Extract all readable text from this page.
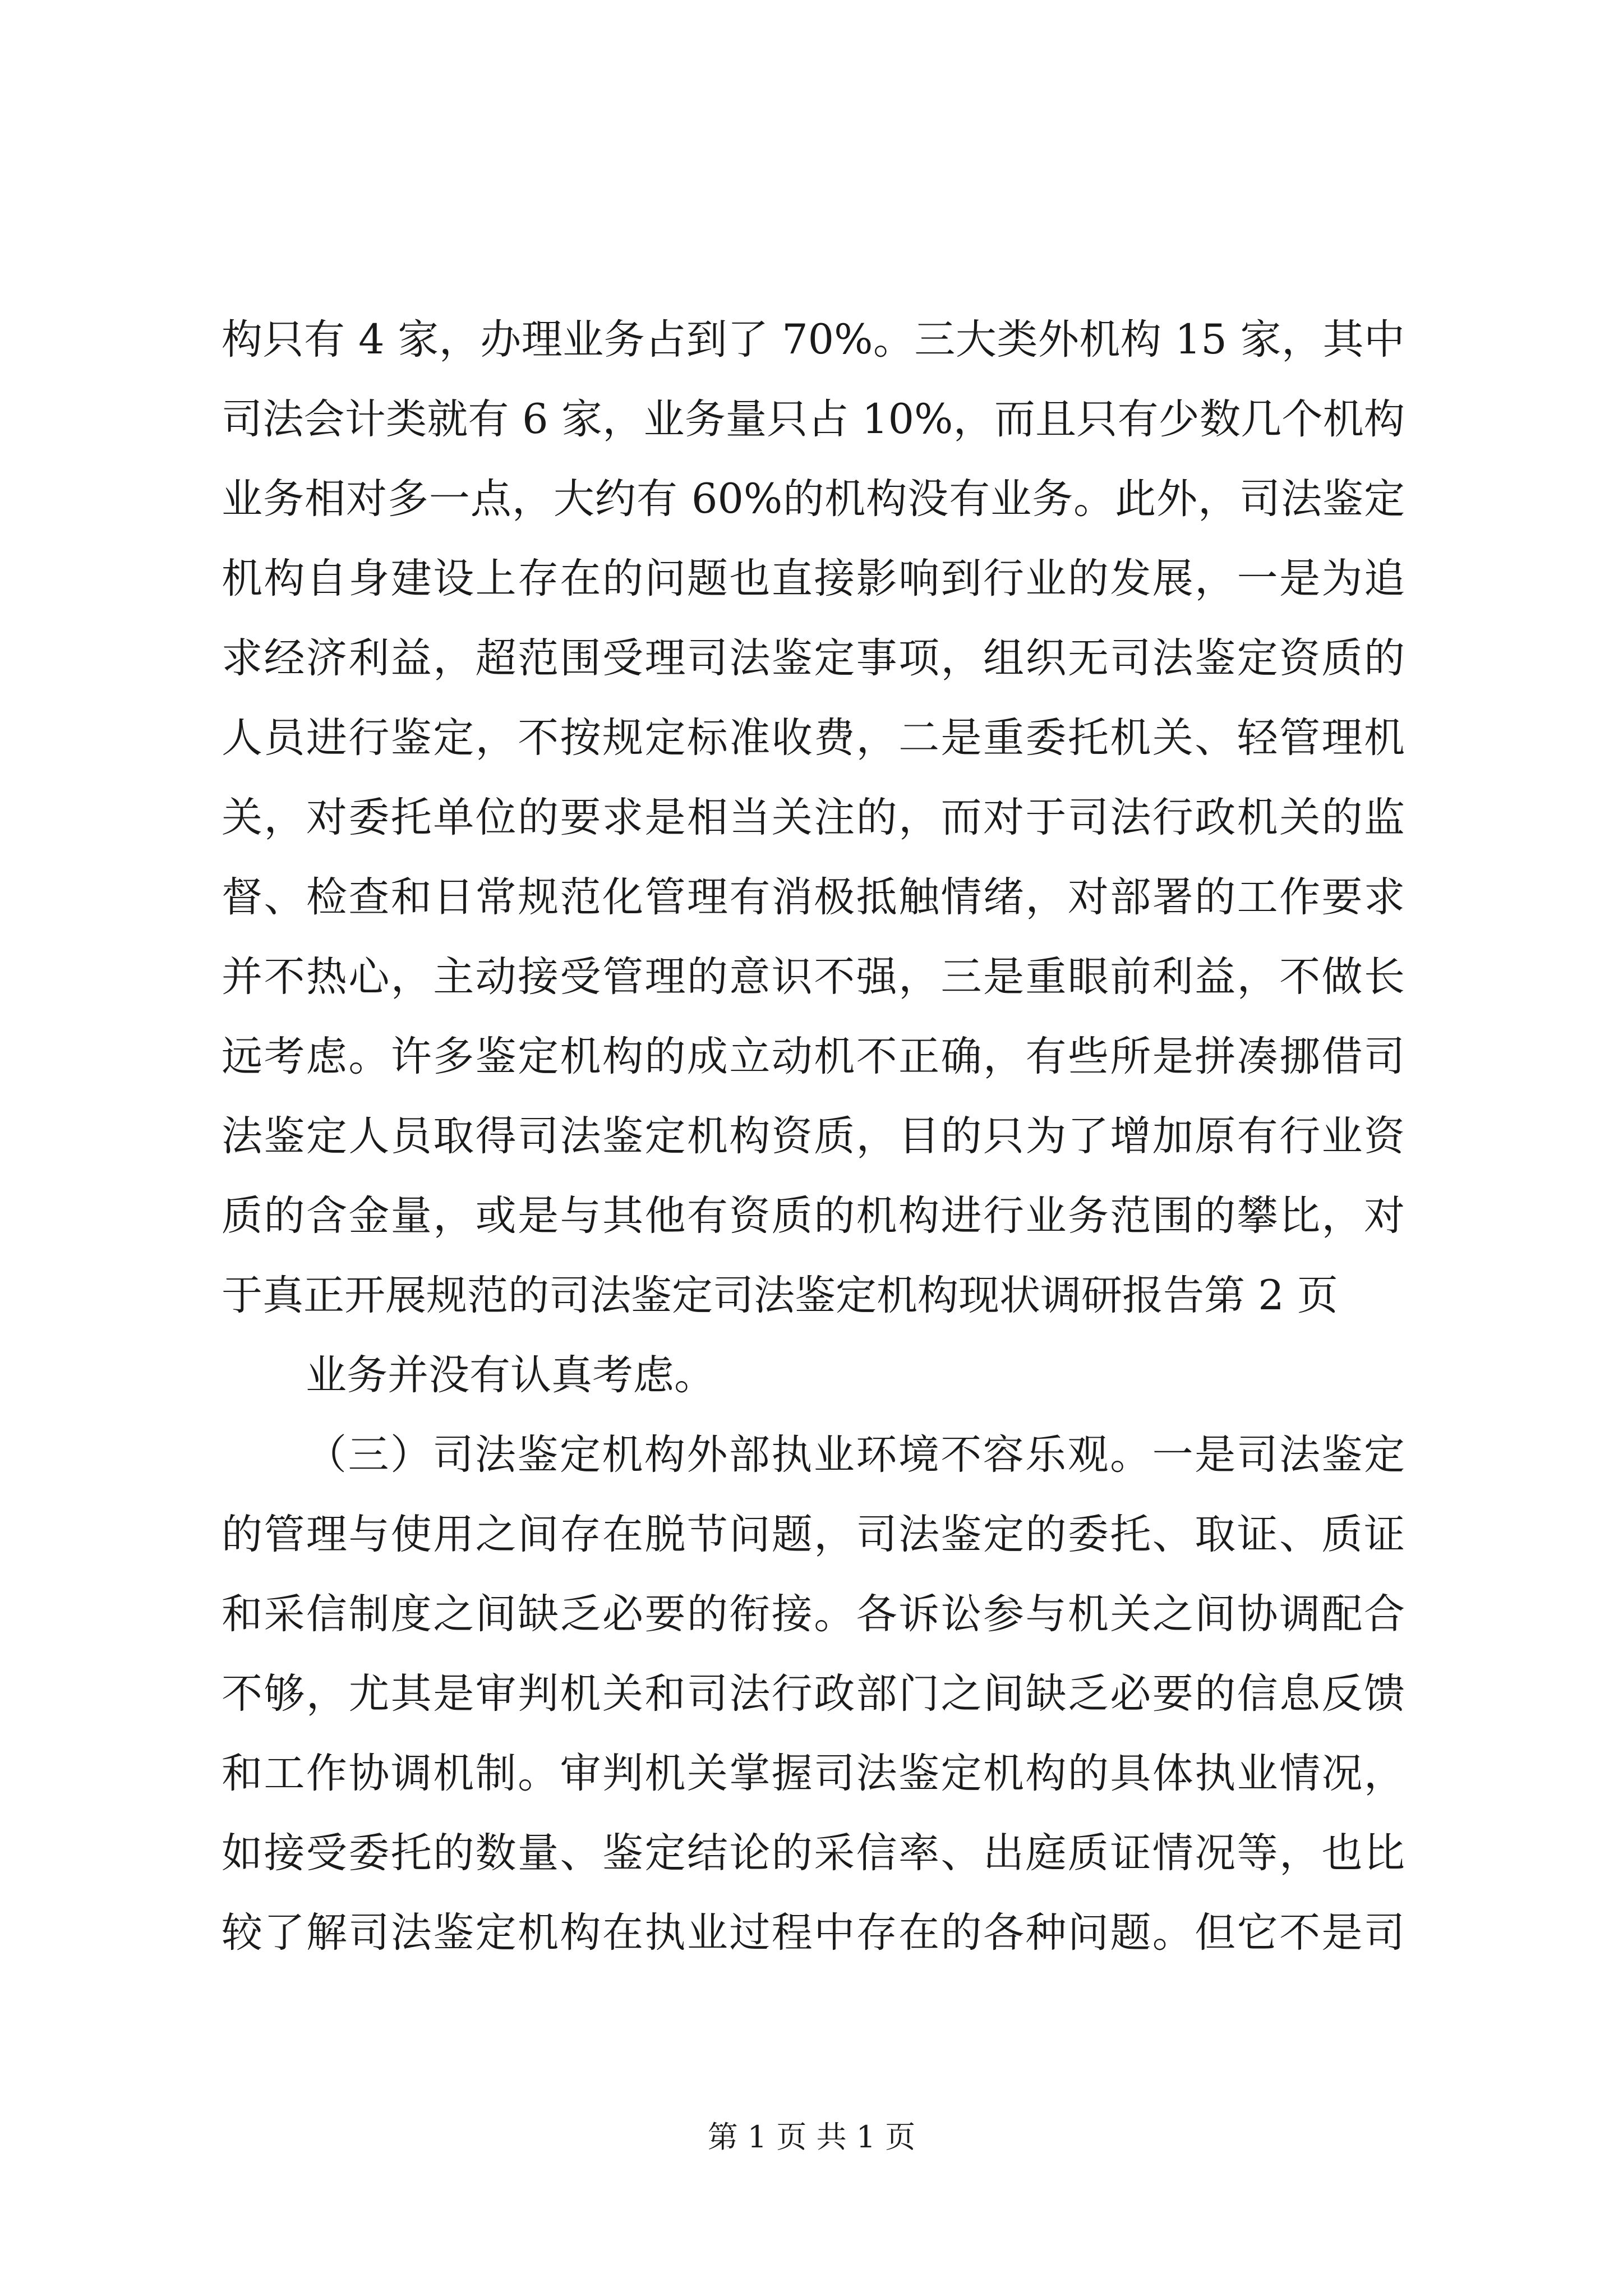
构只有 4 家，办理业务占到了 70%。三大类外机构 15 家，其中
司法会计类就有 6 家，业务量只占 10%，而且只有少数几个机构
业务相对多一点，大约有 60%的机构没有业务。此外，司法鉴定
机构自身建设上存在的问题也直接影响到行业的发展，一是为追
求经济利益，超范围受理司法鉴定事项，组织无司法鉴定资质的
人员进行鉴定，不按规定标准收费，二是重委托机关、轻管理机
关，对委托单位的要求是相当关注的，而对于司法行政机关的监
督、检查和日常规范化管理有消极抵触情绪，对部署的工作要求
并不热心，主动接受管理的意识不强，三是重眼前利益，不做长
远考虑。许多鉴定机构的成立动机不正确，有些所是拼凑挪借司
法鉴定人员取得司法鉴定机构资质，目的只为了增加原有行业资
质的含金量，或是与其他有资质的机构进行业务范围的攀比，对
于真正开展规范的司法鉴定司法鉴定机构现状调研报告第 2 页
业务并没有认真考虑。
（三）司法鉴定机构外部执业环境不容乐观。一是司法鉴定
的管理与使用之间存在脱节问题，司法鉴定的委托、取证、质证
和采信制度之间缺乏必要的衔接。各诉讼参与机关之间协调配合
不够，尤其是审判机关和司法行政部门之间缺乏必要的信息反馈
和工作协调机制。审判机关掌握司法鉴定机构的具体执业情况，
如接受委托的数量、鉴定结论的采信率、出庭质证情况等，也比
较了解司法鉴定机构在执业过程中存在的各种问题。但它不是司
第 1 页 共 1 页
